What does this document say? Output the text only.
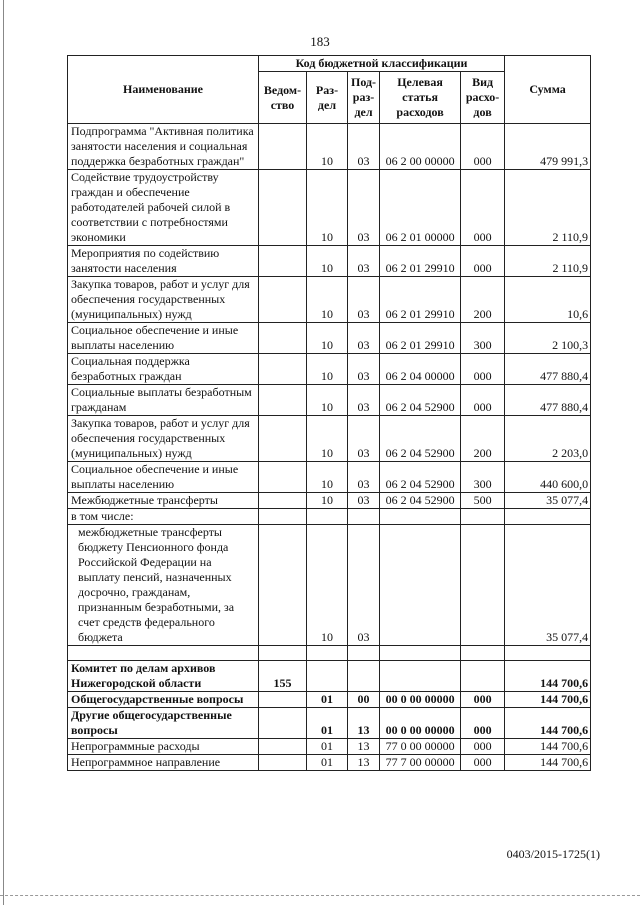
183
Наименование	Код бюджетной классификации					Сумма
	Ведом-ство	Раз-дел	Под-раз-дел	Целевая статья расходов	Вид расхо-дов	
Подпрограмма "Активная политика занятости населения и социальная поддержка безработных граждан"		10	03	06 2 00 00000	000	479 991,3
Содействие трудоустройству граждан и обеспечение работодателей рабочей силой в соответствии с потребностями экономики		10	03	06 2 01 00000	000	2 110,9
Мероприятия по содействию занятости населения		10	03	06 2 01 29910	000	2 110,9
Закупка товаров, работ и услуг для обеспечения государственных (муниципальных) нужд		10	03	06 2 01 29910	200	10,6
Социальное обеспечение и иные выплаты населению		10	03	06 2 01 29910	300	2 100,3
Социальная поддержка безработных граждан		10	03	06 2 04 00000	000	477 880,4
Социальные выплаты безработным гражданам		10	03	06 2 04 52900	000	477 880,4
Закупка товаров, работ и услуг для обеспечения государственных (муниципальных) нужд		10	03	06 2 04 52900	200	2 203,0
Социальное обеспечение и иные выплаты населению		10	03	06 2 04 52900	300	440 600,0
Межбюджетные трансферты		10	03	06 2 04 52900	500	35 077,4
в том числе:						
межбюджетные трансферты бюджету Пенсионного фонда Российской Федерации на выплату пенсий, назначенных досрочно, гражданам, признанным безработными, за счет средств федерального бюджета		10	03			35 077,4

Комитет по делам архивов Нижегородской области	155					144 700,6
Общегосударственные вопросы		01	00	00 0 00 00000	000	144 700,6
Другие общегосударственные вопросы		01	13	00 0 00 00000	000	144 700,6
Непрограммные расходы		01	13	77 0 00 00000	000	144 700,6
Непрограммное направление		01	13	77 7 00 00000	000	144 700,6
0403/2015-1725(1)
